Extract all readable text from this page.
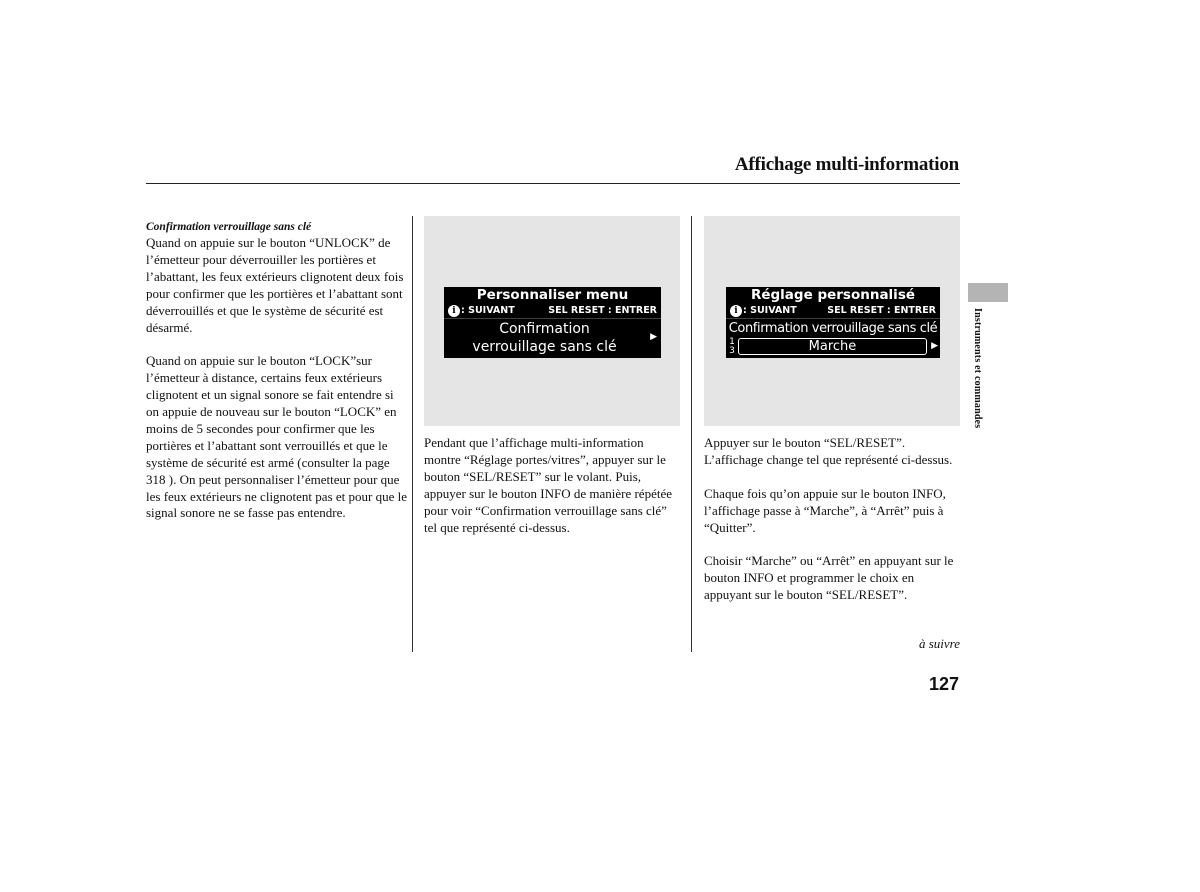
Affichage multi-information
Confirmation verrouillage sans clé

Quand on appuie sur le bouton “UNLOCK” de l’émetteur pour déverrouiller les portières et l’abattant, les feux extérieurs clignotent deux fois pour confirmer que les portières et l’abattant sont déverrouillés et que le système de sécurité est désarmé.

Quand on appuie sur le bouton “LOCK”sur l’émetteur à distance, certains feux extérieurs clignotent et un signal sonore se fait entendre si on appuie de nouveau sur le bouton “LOCK” en moins de 5 secondes pour confirmer que les portières et l’abattant sont verrouillés et que le système de sécurité est armé (consulter la page 318 ). On peut personnaliser l’émetteur pour que les feux extérieurs ne clignotent pas et pour que le signal sonore ne se fasse pas entendre.

Personnaliser menu
i : SUIVANT	SEL RESET : ENTRER
Confirmation
verrouillage sans clé
▶
Réglage personnalisé
i : SUIVANT	SEL RESET : ENTRER
Confirmation verrouillage sans clé
1
3	Marche	▶

Pendant que l’affichage multi-information montre “Réglage portes/vitres”, appuyer sur le bouton “SEL/RESET” sur le volant. Puis, appuyer sur le bouton INFO de manière répétée pour voir “Confirmation verrouillage sans clé” tel que représenté ci-dessus.

Appuyer sur le bouton “SEL/RESET”. L’affichage change tel que représenté ci-dessus.

Chaque fois qu’on appuie sur le bouton INFO, l’affichage passe à “Marche”, à “Arrêt” puis à “Quitter”.

Choisir “Marche” ou “Arrêt” en appuyant sur le bouton INFO et programmer le choix en appuyant sur le bouton “SEL/RESET”.

Instruments et commandes
à suivre
127
